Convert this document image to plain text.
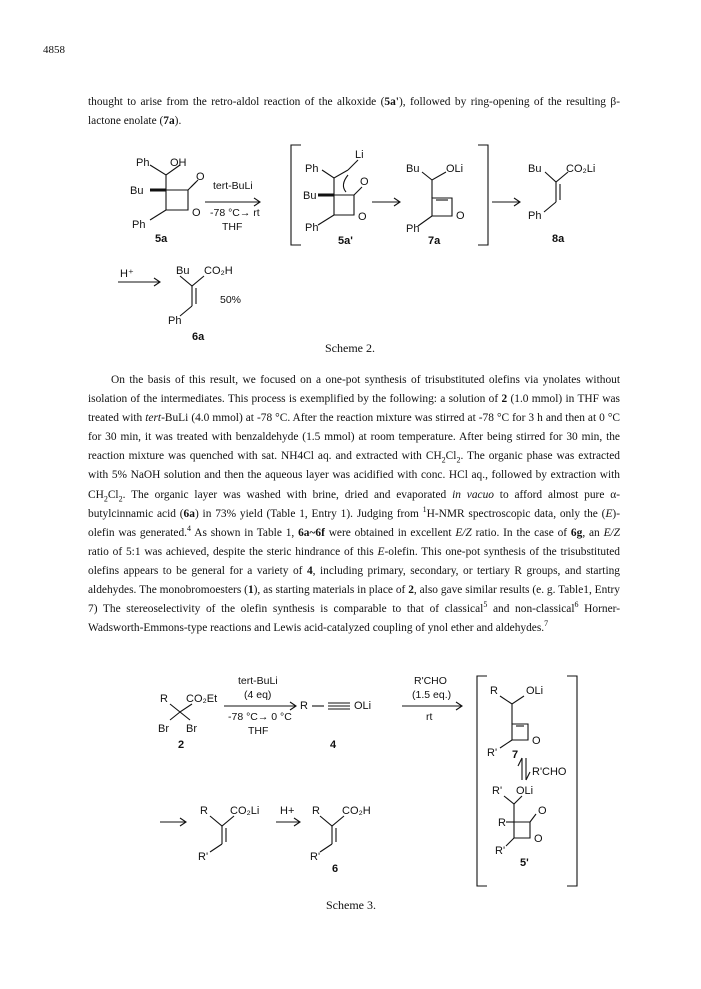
4858

thought to arise from the retro-aldol reaction of the alkoxide (5a'), followed by ring-opening of the resulting β-lactone enolate (7a).

Ph OH
O
Bu
O
Ph
Ph
Li
O
Bu
O
Ph
Bu OLi
O
Ph
Bu CO₂Li
Ph
H⁺	Bu CO₂H
Ph
tert-BuLi
-78 °C→ rt
THF
50%
5a	5a'	7a	8a
6a
Scheme 2.

On the basis of this result, we focused on a one-pot synthesis of trisubstituted olefins via ynolates without isolation of the intermediates. This process is exemplified by the following: a solution of 2 (1.0 mmol) in THF was treated with tert-BuLi (4.0 mmol) at -78 °C. After the reaction mixture was stirred at -78 °C for 3 h and then at 0 °C for 30 min, it was treated with benzaldehyde (1.5 mmol) at room temperature. After being stirred for 30 min, the reaction mixture was quenched with sat. NH4Cl aq. and extracted with $CH_2Cl_2$. The organic phase was extracted with 5% NaOH solution and then the aqueous layer was acidified with conc. HCl aq., followed by extraction with $CH_2Cl_2$. The organic layer was washed with brine, dried and evaporated in vacuo to afford almost pure α-butylcinnamic acid (6a) in 73% yield (Table 1, Entry 1). Judging from $^1$H-NMR spectroscopic data, only the (E)-olefin was generated.$^4$ As shown in Table 1, 6a~6f were obtained in excellent E/Z ratio. In the case of 6g, an E/Z ratio of 5:1 was achieved, despite the steric hindrance of this E-olefin. This one-pot synthesis of the trisubstituted olefins appears to be general for a variety of 4, including primary, secondary, or tertiary R groups, and starting aldehydes. The monobromoesters (1), as starting materials in place of 2, also gave similar results (e. g. Table1, Entry 7) The stereoselectivity of the olefin synthesis is comparable to that of classical$^5$ and non-classical$^6$ Horner-Wadsworth-Emmons-type reactions and Lewis acid-catalyzed coupling of ynol ether and aldehydes.$^7$

R CO₂Et
Br Br
R	OLi
R	OLi
O
R'
R'CHO
R' OLi
R
O
O
R'
R CO₂Li
R'
H+ R CO₂H
R'
tert-BuLi
(4 eq)
-78 °C→ 0 °C
THF
R'CHO
(1.5 eq.)
rt
2	4
7
5'
6
Scheme 3.
